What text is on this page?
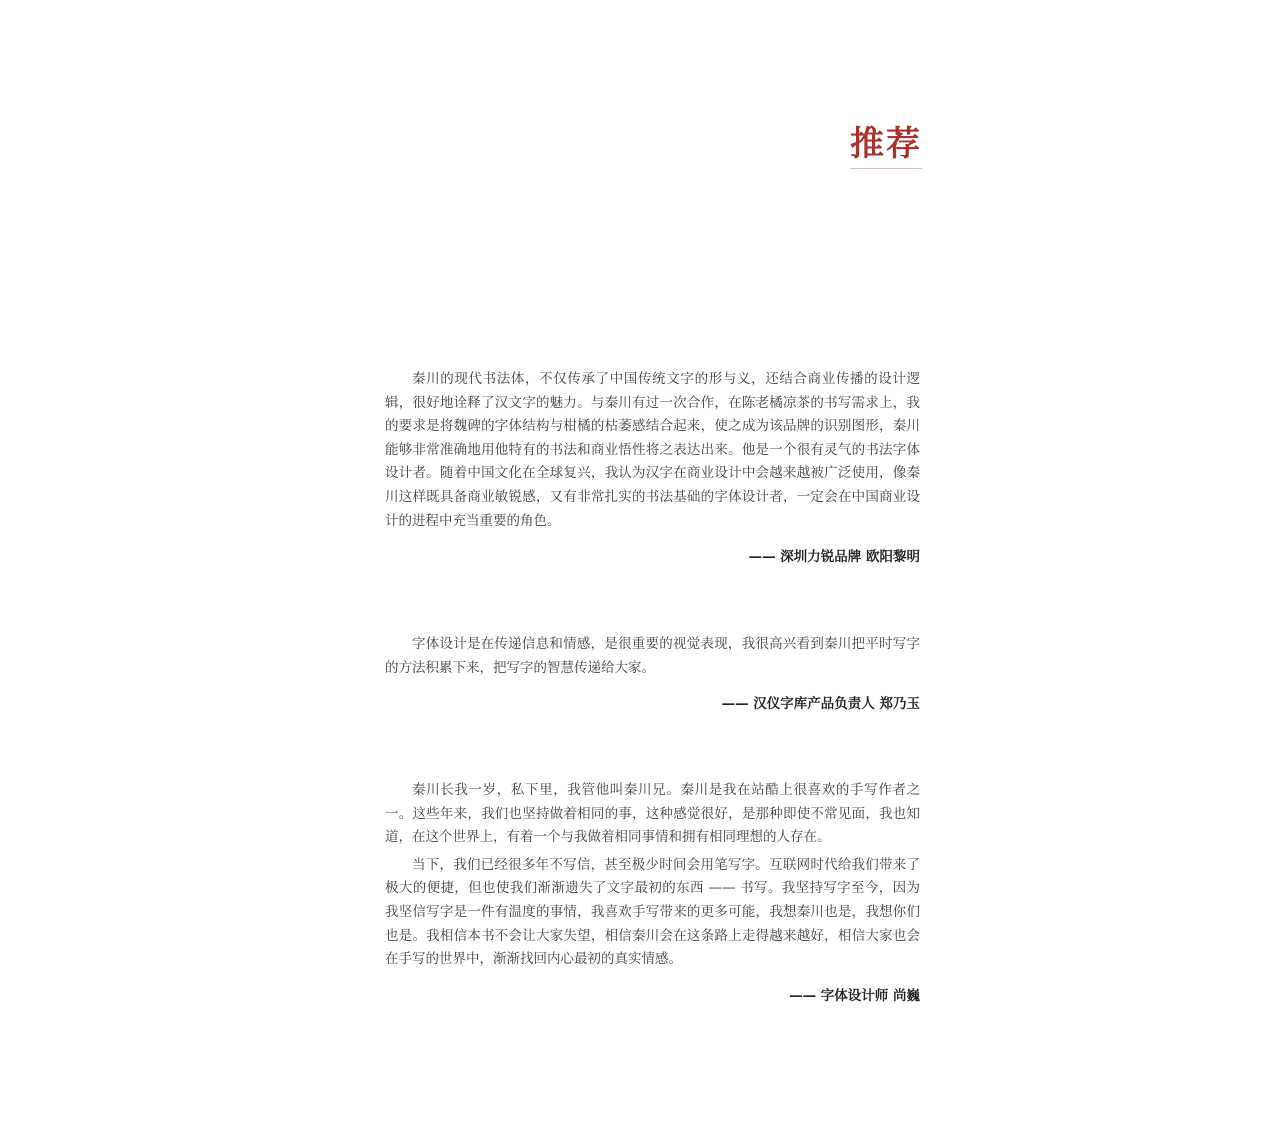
推荐

秦川的现代书法体，不仅传承了中国传统文字的形与义，还结合商业传播的设计逻辑，很好地诠释了汉文字的魅力。与秦川有过一次合作，在陈老橘凉茶的书写需求上，我的要求是将魏碑的字体结构与柑橘的枯萎感结合起来，使之成为该品牌的识别图形，秦川能够非常准确地用他特有的书法和商业悟性将之表达出来。他是一个很有灵气的书法字体设计者。随着中国文化在全球复兴，我认为汉字在商业设计中会越来越被广泛使用，像秦川这样既具备商业敏锐感，又有非常扎实的书法基础的字体设计者，一定会在中国商业设计的进程中充当重要的角色。

—— 深圳力锐品牌 欧阳黎明

字体设计是在传递信息和情感，是很重要的视觉表现，我很高兴看到秦川把平时写字的方法积累下来，把写字的智慧传递给大家。

—— 汉仪字库产品负责人 郑乃玉

秦川长我一岁，私下里，我管他叫秦川兄。秦川是我在站酷上很喜欢的手写作者之一。这些年来，我们也坚持做着相同的事，这种感觉很好，是那种即使不常见面，我也知道，在这个世界上，有着一个与我做着相同事情和拥有相同理想的人存在。

当下，我们已经很多年不写信，甚至极少时间会用笔写字。互联网时代给我们带来了极大的便捷，但也使我们渐渐遗失了文字最初的东西 —— 书写。我坚持写字至今，因为我坚信写字是一件有温度的事情，我喜欢手写带来的更多可能，我想秦川也是，我想你们也是。我相信本书不会让大家失望，相信秦川会在这条路上走得越来越好，相信大家也会在手写的世界中，渐渐找回内心最初的真实情感。

—— 字体设计师 尚巍
